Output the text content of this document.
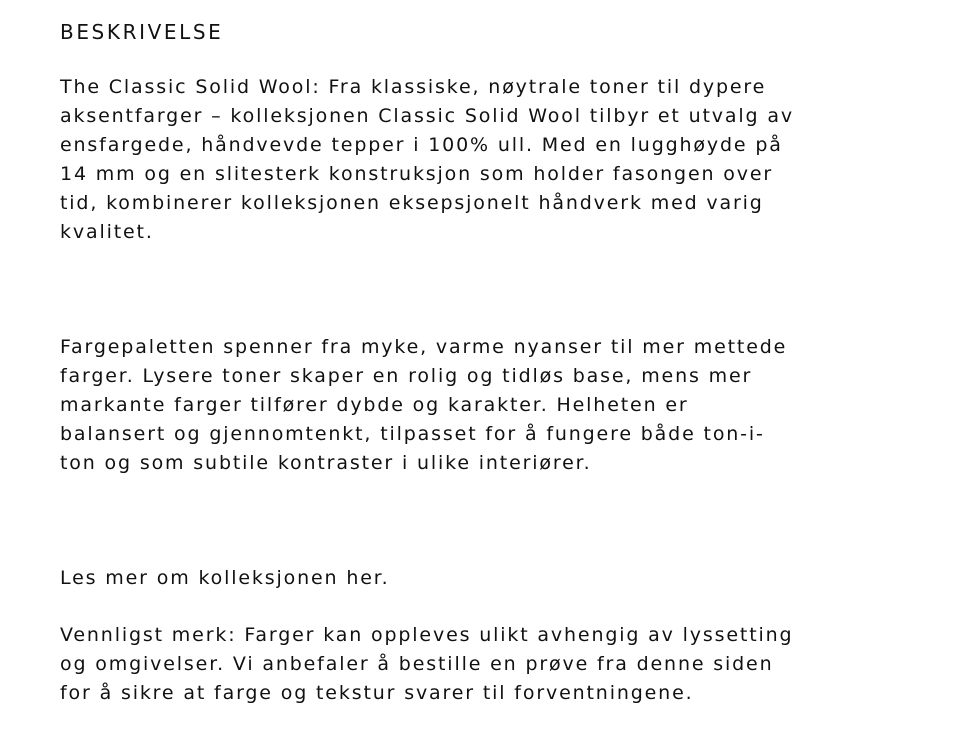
BESKRIVELSE

The Classic Solid Wool: Fra klassiske, nøytrale toner til dypere
aksentfarger – kolleksjonen Classic Solid Wool tilbyr et utvalg av
ensfargede, håndvevde tepper i 100% ull. Med en lugghøyde på
14 mm og en slitesterk konstruksjon som holder fasongen over
tid, kombinerer kolleksjonen eksepsjonelt håndverk med varig
kvalitet.

Fargepaletten spenner fra myke, varme nyanser til mer mettede
farger. Lysere toner skaper en rolig og tidløs base, mens mer
markante farger tilfører dybde og karakter. Helheten er
balansert og gjennomtenkt, tilpasset for å fungere både ton-i-
ton og som subtile kontraster i ulike interiører.

Les mer om kolleksjonen her.

Vennligst merk: Farger kan oppleves ulikt avhengig av lyssetting
og omgivelser. Vi anbefaler å bestille en prøve fra denne siden
for å sikre at farge og tekstur svarer til forventningene.
